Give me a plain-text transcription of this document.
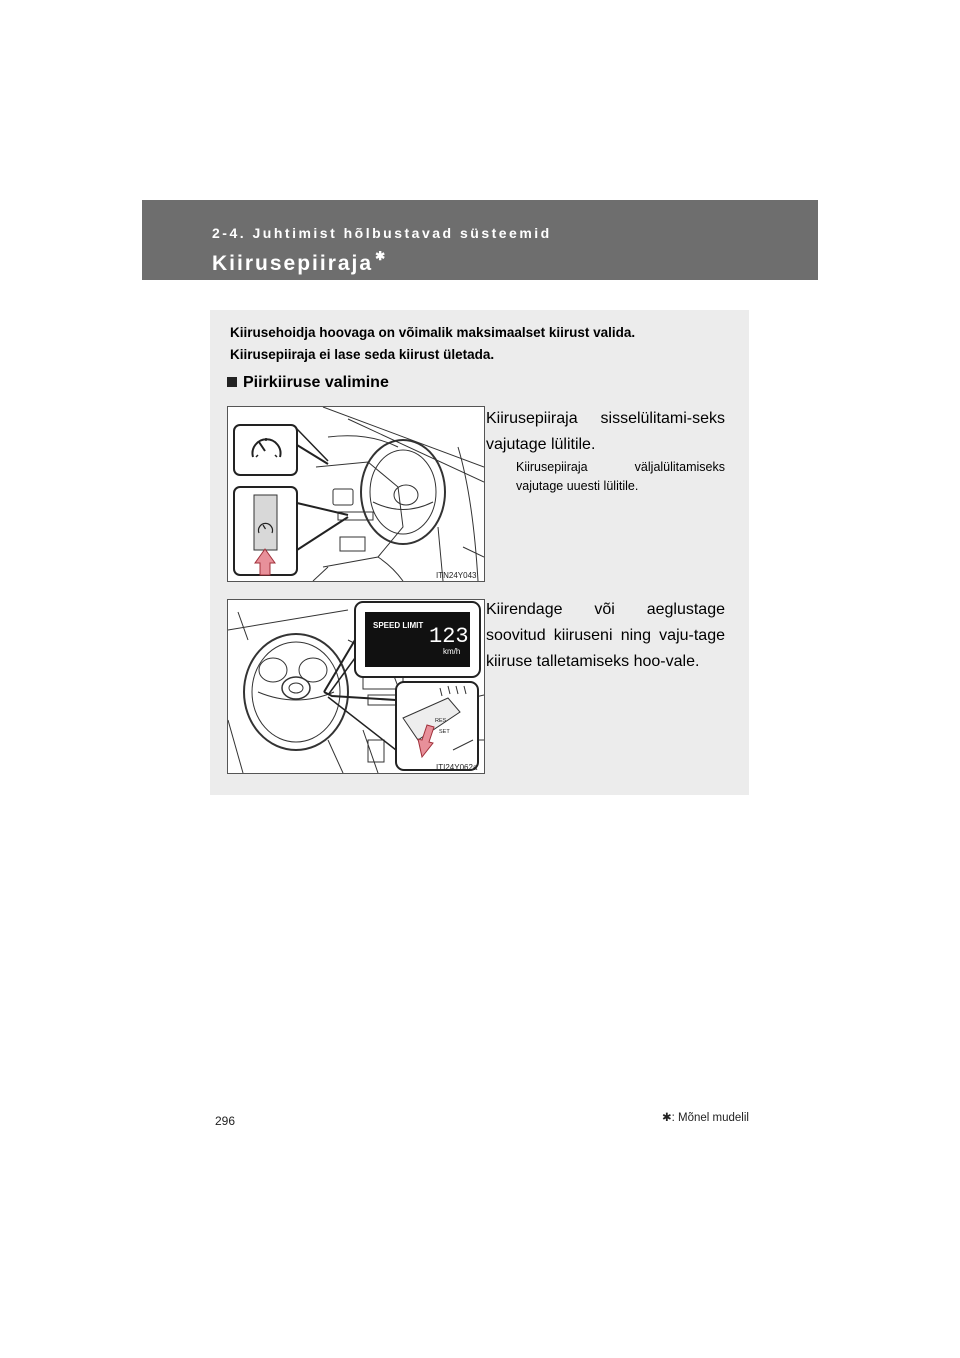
2-4. Juhtimist hõlbustavad süsteemid
Kiirusepiiraja ✱
Kiirusehoidja hoovaga on võimalik maksimaalset kiirust valida.
Kiirusepiiraja ei lase seda kiirust ületada.
Piirkiiruse valimine
ITN24Y043
Kiirusepiiraja sisselülitami-seks vajutage lülitile.
Kiirusepiiraja väljalülitamiseks vajutage uuesti lülitile.
SPEED LIMIT 123
km/h
RES
SET
ITI24Y062a
Kiirendage või aeglustage soovitud kiiruseni ning vaju-tage kiiruse talletamiseks hoo-vale.
✱: Mõnel mudelil
296
